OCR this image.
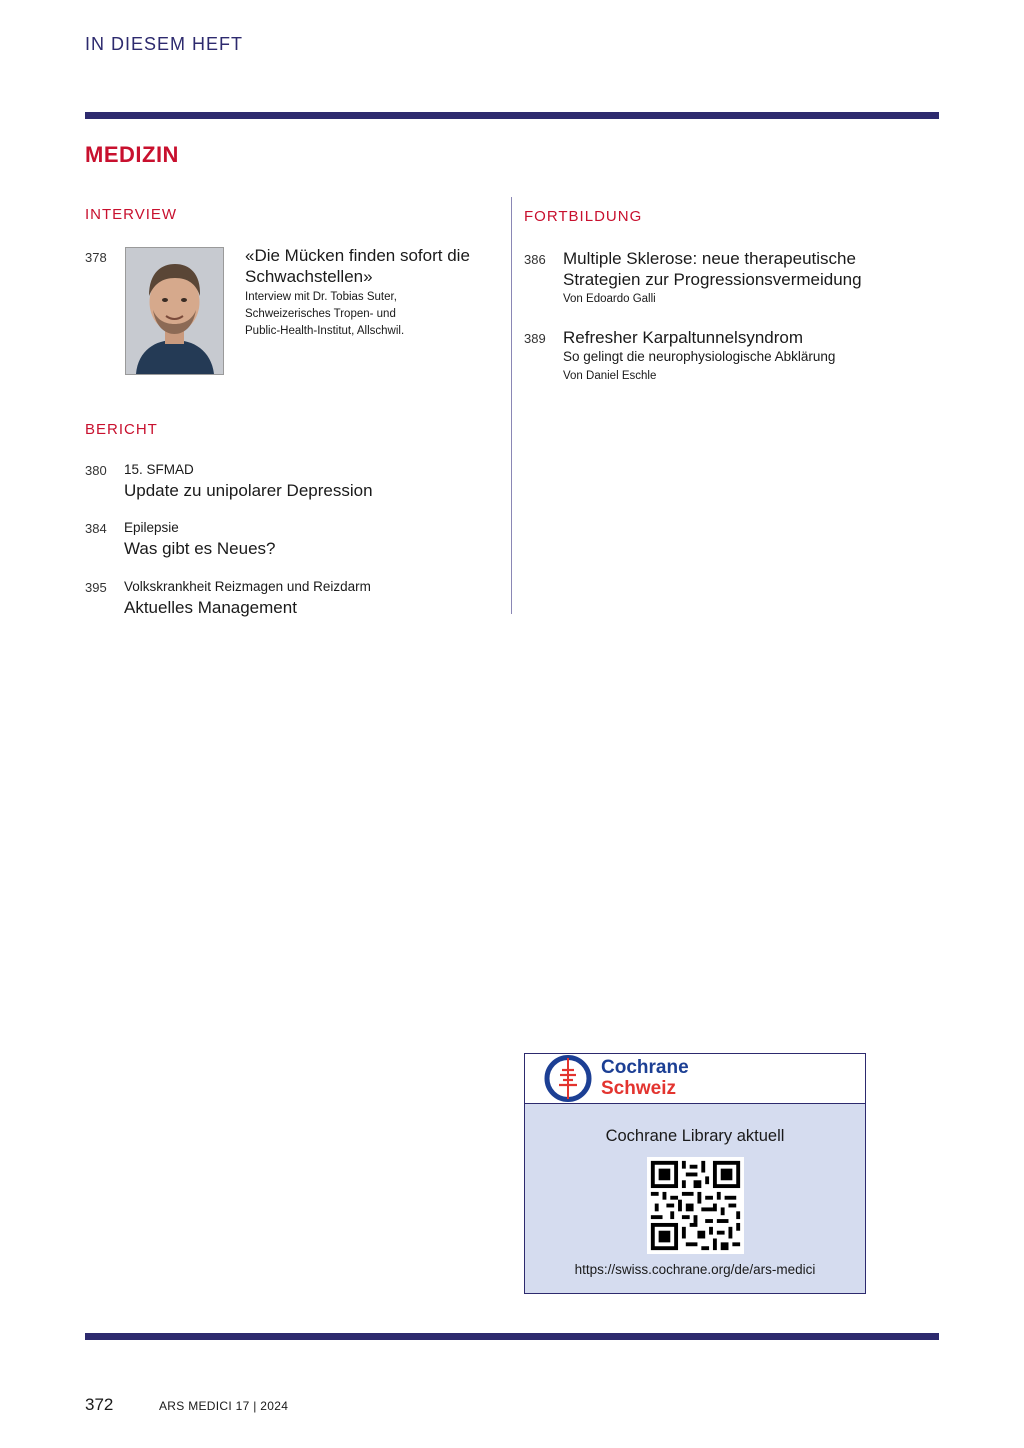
IN DIESEM HEFT
MEDIZIN
INTERVIEW
378	«Die Mücken finden sofort die
Schwachstellen»
Interview mit Dr. Tobias Suter,
Schweizerisches Tropen- und
Public-Health-Institut, Allschwil.
BERICHT
380 15. SFMAD
Update zu unipolarer Depression
384 Epilepsie
Was gibt es Neues?
395 Volkskrankheit Reizmagen und Reizdarm
Aktuelles Management
FORTBILDUNG
386 Multiple Sklerose: neue therapeutische
Strategien zur Progressionsvermeidung
Von Edoardo Galli
389 Refresher Karpaltunnelsyndrom
So gelingt die neurophysiologische Abklärung
Von Daniel Eschle
Cochrane
Schweiz
Cochrane Library aktuell
https://swiss.cochrane.org/de/ars-medici
372	ARS MEDICI 17 | 2024
